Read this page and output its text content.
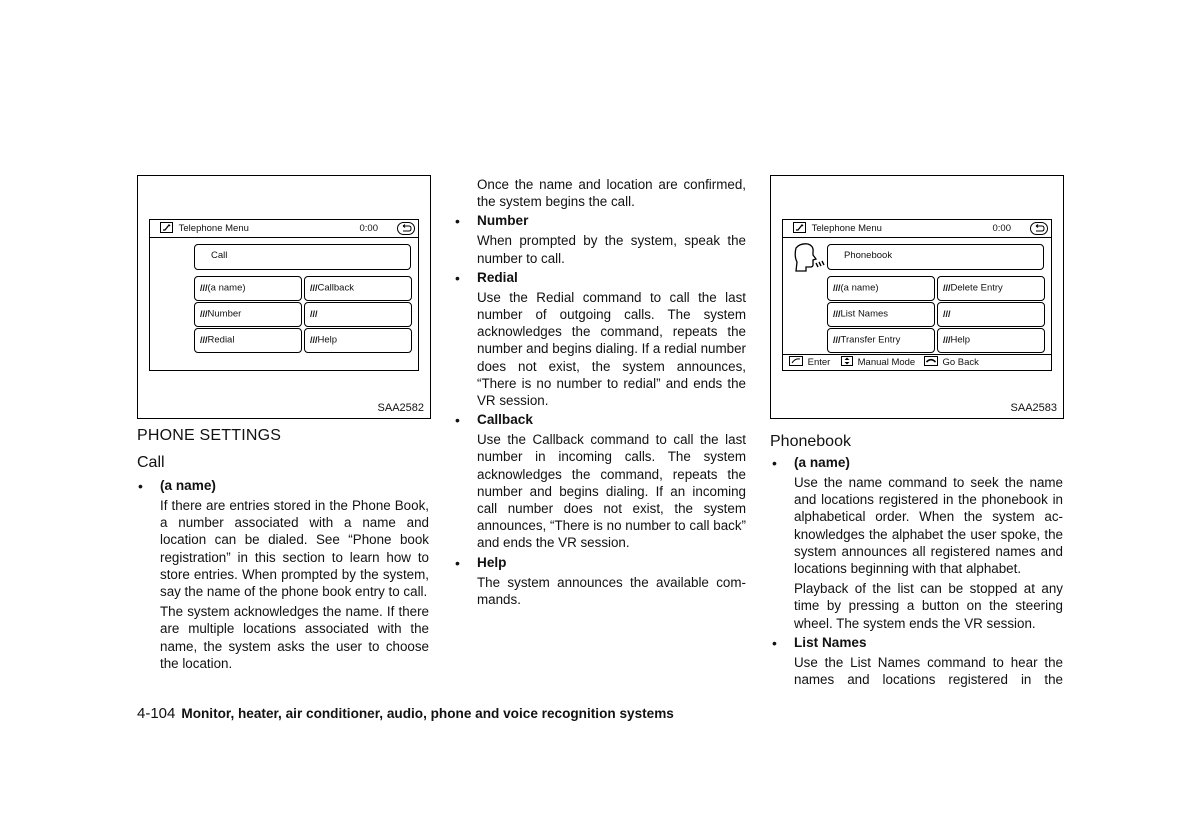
Telephone Menu	0:00
Call
///(a name)	///Callback
///Number	///
///Redial	///Help
SAA2582
PHONE SETTINGS
Call
• (a name)

If there are entries stored in the Phone Book, a number associated with a name and location can be dialed. See “Phone book registration” in this section to learn how to store entries. When prompted by the system, say the name of the phone book entry to call.

The system acknowledges the name. If there are multiple locations associated with the name, the system asks the user to choose the location.

Once the name and location are confirmed, the system begins the call.

• Number

When prompted by the system, speak the number to call.

• Redial

Use the Redial command to call the last number of outgoing calls. The system acknowledges the command, repeats the number and begins dialing. If a redial number does not exist, the system announces, “There is no number to redial” and ends the VR session.

• Callback

Use the Callback command to call the last number in incoming calls. The system acknowledges the command, repeats the number and begins dialing. If an incoming call number does not exist, the system announces, “There is no number to call back” and ends the VR session.

• Help

The system announces the available commands.

Telephone Menu	0:00
Phonebook
///(a name)	///Delete Entry
///List Names	///
///Transfer Entry	///Help
Enter	Manual Mode	Go Back
SAA2583
Phonebook
• (a name)

Use the name command to seek the name and locations registered in the phonebook in alphabetical order. When the system acknowledges the alphabet the user spoke, the system announces all registered names and locations beginning with that alphabet.

Playback of the list can be stopped at any time by pressing a button on the steering wheel. The system ends the VR session.

• List Names

Use the List Names command to hear the names and locations registered in the

4-104 Monitor, heater, air conditioner, audio, phone and voice recognition systems
